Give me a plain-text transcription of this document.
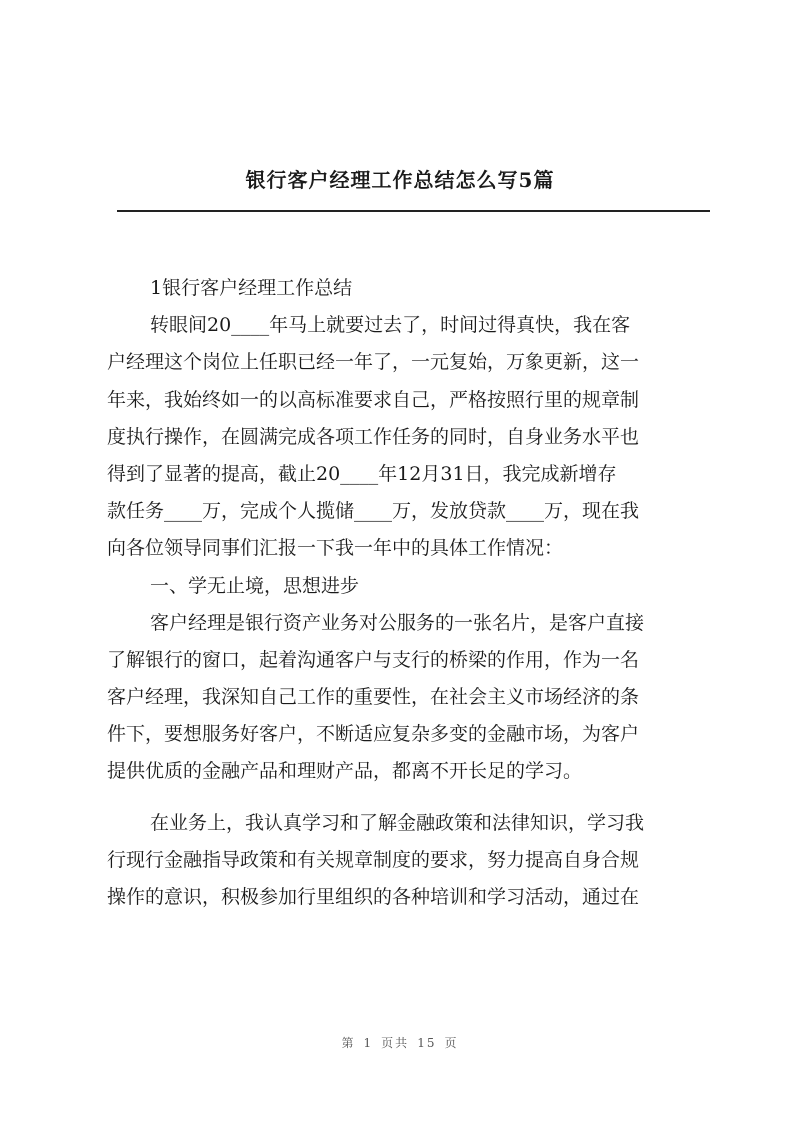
银行客户经理工作总结怎么写5篇
1银行客户经理工作总结
转眼间20____年马上就要过去了，时间过得真快，我在客
户经理这个岗位上任职已经一年了，一元复始，万象更新，这一
年来，我始终如一的以高标准要求自己，严格按照行里的规章制
度执行操作，在圆满完成各项工作任务的同时，自身业务水平也
得到了显著的提高，截止20____年12月31日，我完成新增存
款任务____万，完成个人揽储____万，发放贷款____万，现在我
向各位领导同事们汇报一下我一年中的具体工作情况：
一、学无止境，思想进步
客户经理是银行资产业务对公服务的一张名片，是客户直接
了解银行的窗口，起着沟通客户与支行的桥梁的作用，作为一名
客户经理，我深知自己工作的重要性，在社会主义市场经济的条
件下，要想服务好客户，不断适应复杂多变的金融市场，为客户
提供优质的金融产品和理财产品，都离不开长足的学习。
在业务上，我认真学习和了解金融政策和法律知识，学习我
行现行金融指导政策和有关规章制度的要求，努力提高自身合规
操作的意识，积极参加行里组织的各种培训和学习活动，通过在
第 1 页共 15 页
